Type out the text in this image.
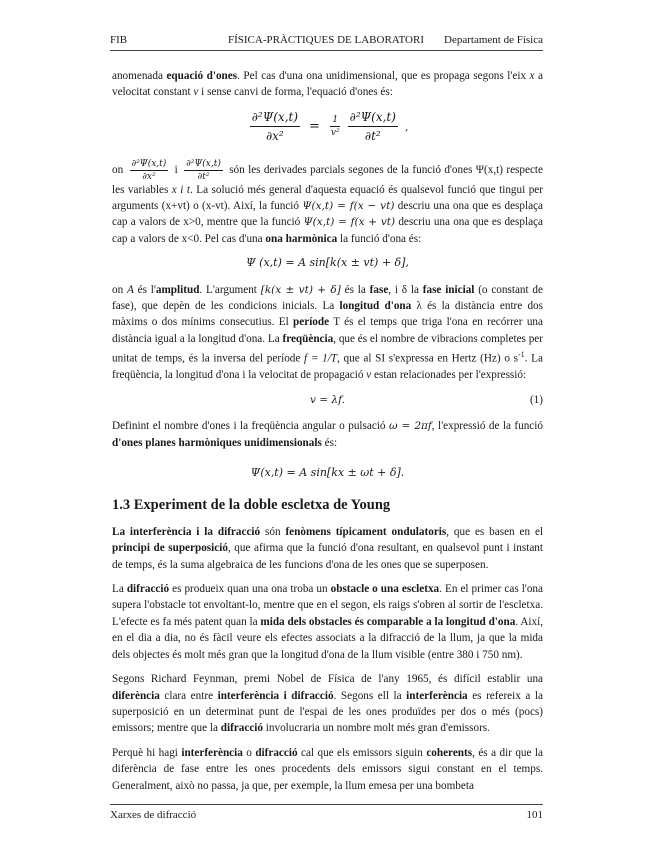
FIB	FÍSICA-PRÀCTIQUES DE LABORATORI Departament de Física

anomenada equació d'ones. Pel cas d'una ona unidimensional, que es propaga segons l'eix x a velocitat constant v i sense canvi de forma, l'equació d'ones és:

$\frac{\text{∂²Ψ(x,t)}}{\text{∂x²}} = \frac{1}{\text{v²}} \frac{\text{∂²Ψ(x,t)}}{\text{∂t²}}$ ,

on $\frac{\text{∂²Ψ(x,t)}}{\text{∂x²}}$ i $\frac{\text{∂²Ψ(x,t)}}{\text{∂t²}}$ són les derivades parcials segones de la funció d'ones Ψ(x,t) respecte les variables x i t. La solució més general d'aquesta equació és qualsevol funció que tingui per arguments (x+vt) o (x-vt). Així, la funció Ψ(x,t) = f(x − vt) descriu una ona que es desplaça cap a valors de x>0, mentre que la funció Ψ(x,t) = f(x + vt) descriu una ona que es desplaça cap a valors de x<0. Pel cas d'una ona harmònica la funció d'ona és:

Ψ (x,t) = A sin[k(x ± vt) + δ],

on A és l'amplitud. L'argument [k(x ± vt) + δ] és la fase, i δ la fase inicial (o constant de fase), que depèn de les condicions inicials. La longitud d'ona λ és la distància entre dos màxims o dos mínims consecutius. El període T és el temps que triga l'ona en recórrer una distància igual a la longitud d'ona. La freqüència, que és el nombre de vibracions completes per unitat de temps, és la inversa del període f = 1/T, que al SI s'expressa en Hertz (Hz) o $s^{-1}$. La freqüència, la longitud d'ona i la velocitat de propagació v estan relacionades per l'expressió:

v = λf.	(1)

Definint el nombre d'ones i la freqüència angular o pulsació ω = 2πf, l'expressió de la funció d'ones planes harmòniques unidimensionals és:

Ψ(x,t) = A sin[kx ± ωt + δ].
1.3 Experiment de la doble escletxa de Young

La interferència i la difracció són fenòmens típicament ondulatoris, que es basen en el principi de superposició, que afirma que la funció d'ona resultant, en qualsevol punt i instant de temps, és la suma algebraica de les funcions d'ona de les ones que se superposen.

La difracció es produeix quan una ona troba un obstacle o una escletxa. En el primer cas l'ona supera l'obstacle tot envoltant-lo, mentre que en el segon, els raigs s'obren al sortir de l'escletxa. L'efecte es fa més patent quan la mida dels obstacles és comparable a la longitud d'ona. Així, en el dia a dia, no és fàcil veure els efectes associats a la difracció de la llum, ja que la mida dels objectes és molt més gran que la longitud d'ona de la llum visible (entre 380 i 750 nm).

Segons Richard Feynman, premi Nobel de Física de l'any 1965, és difícil establir una diferència clara entre interferència i difracció. Segons ell la interferència es refereix a la superposició en un determinat punt de l'espai de les ones produïdes per dos o més (pocs) emissors; mentre que la difracció involucraria un nombre molt més gran d'emissors.

Perquè hi hagi interferència o difracció cal que els emissors siguin coherents, és a dir que la diferència de fase entre les ones procedents dels emissors sigui constant en el temps. Generalment, això no passa, ja que, per exemple, la llum emesa per una bombeta

Xarxes de difracció	101
